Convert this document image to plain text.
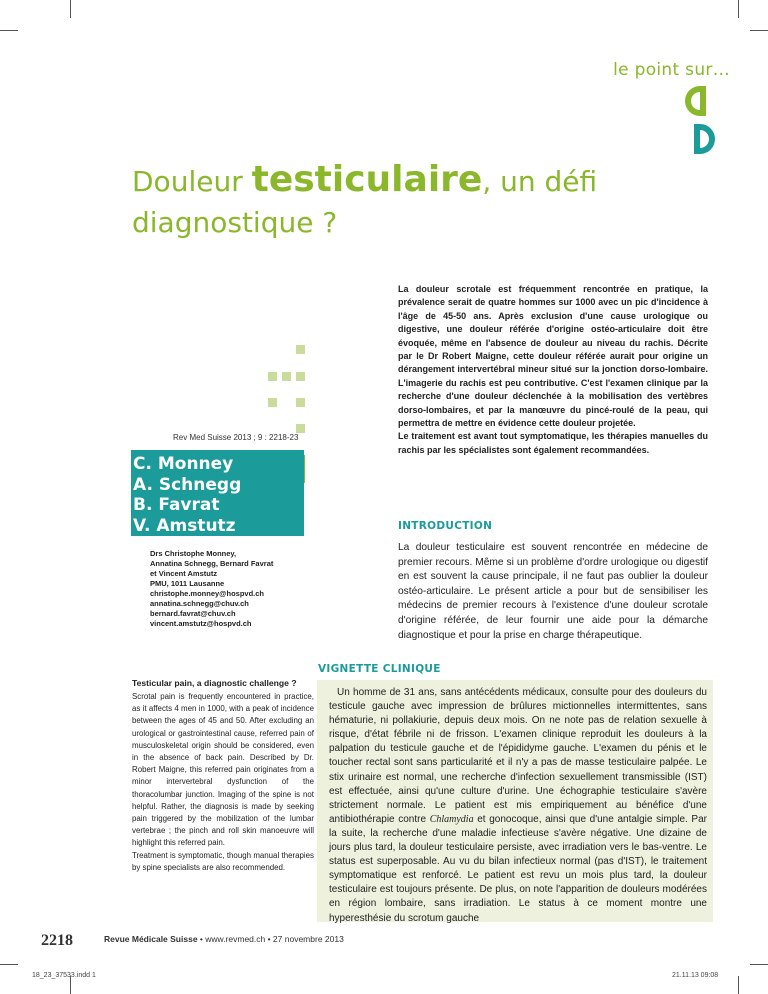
le point sur…
Douleur testiculaire, un défi
diagnostique ?
Rev Med Suisse 2013 ; 9 : 2218-23
C. Monney
A. Schnegg
B. Favrat
V. Amstutz
Drs Christophe Monney,
Annatina Schnegg, Bernard Favrat
et Vincent Amstutz
PMU, 1011 Lausanne
christophe.monney@hospvd.ch
annatina.schnegg@chuv.ch
bernard.favrat@chuv.ch
vincent.amstutz@hospvd.ch

La douleur scrotale est fréquemment rencontrée en pratique, la prévalence serait de quatre hommes sur 1000 avec un pic d'incidence à l'âge de 45-50 ans. Après exclusion d'une cause urologique ou digestive, une douleur référée d'origine ostéo-articulaire doit être évoquée, même en l'absence de douleur au niveau du rachis. Décrite par le Dr Robert Maigne, cette douleur référée aurait pour origine un dérangement intervertébral mineur situé sur la jonction dorso-lombaire. L'imagerie du rachis est peu contributive. C'est l'examen clinique par la recherche d'une douleur déclenchée à la mobilisation des vertèbres dorso-lombaires, et par la manœuvre du pincé-roulé de la peau, qui permettra de mettre en évidence cette douleur projetée.

Le traitement est avant tout symptomatique, les thérapies manuelles du rachis par les spécialistes sont également recommandées.

INTRODUCTION
La douleur testiculaire est souvent rencontrée en médecine de premier recours. Même si un problème d'ordre urologique ou digestif en est souvent la cause principale, il ne faut pas oublier la douleur ostéo-articulaire. Le présent article a pour but de sensibiliser les médecins de premier recours à l'existence d'une douleur scrotale d'origine référée, de leur fournir une aide pour la démarche diagnostique et pour la prise en charge thérapeutique.
Testicular pain, a diagnostic challenge ?
Scrotal pain is frequently encountered in practice, as it affects 4 men in 1000, with a peak of incidence between the ages of 45 and 50. After excluding an urological or gastrointestinal cause, referred pain of musculoskeletal origin should be considered, even in the absence of back pain. Described by Dr. Robert Maigne, this referred pain originates from a minor intervertebral dysfunction of the thoracolumbar junction. Imaging of the spine is not helpful. Rather, the diagnosis is made by seeking pain triggered by the mobilization of the lumbar vertebrae ; the pinch and roll skin manoeuvre will highlight this referred pain.
Treatment is symptomatic, though manual therapies by spine specialists are also recommended.
VIGNETTE CLINIQUE

Un homme de 31 ans, sans antécédents médicaux, consulte pour des douleurs du testicule gauche avec impression de brûlures mictionnelles intermittentes, sans hématurie, ni pollakiurie, depuis deux mois. On ne note pas de relation sexuelle à risque, d'état fébrile ni de frisson. L'examen clinique reproduit les douleurs à la palpation du testicule gauche et de l'épididyme gauche. L'examen du pénis et le toucher rectal sont sans particularité et il n'y a pas de masse testiculaire palpée. Le stix urinaire est normal, une recherche d'infection sexuellement transmissible (IST) est effectuée, ainsi qu'une culture d'urine. Une échographie testiculaire s'avère strictement normale. Le patient est mis empiriquement au bénéfice d'une antibiothérapie contre Chlamydia et gonocoque, ainsi que d'une antalgie simple. Par la suite, la recherche d'une maladie infectieuse s'avère négative. Une dizaine de jours plus tard, la douleur testiculaire persiste, avec irradiation vers le bas-ventre. Le status est superposable. Au vu du bilan infectieux normal (pas d'IST), le traitement symptomatique est renforcé. Le patient est revu un mois plus tard, la douleur testiculaire est toujours présente. De plus, on note l'apparition de douleurs modérées en région lombaire, sans irradiation. Le status à ce moment montre une hyperesthésie du scrotum gauche

2218	Revue Médicale Suisse • www.revmed.ch • 27 novembre 2013
18_23_37533.indd 1	21.11.13 09:08
